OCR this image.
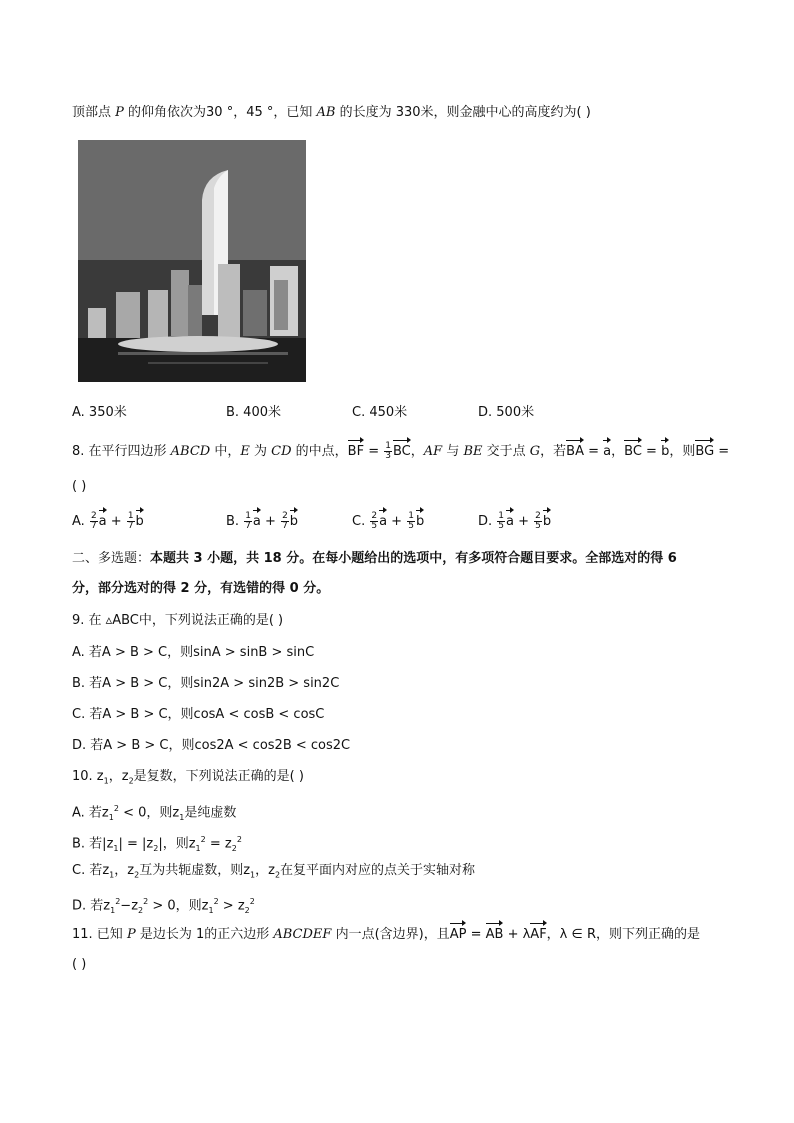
顶部点 P 的仰角依次为30 °，45 °，已知 AB 的长度为 330米，则金融中心的高度约为( )
A. 350米	B. 400米	C. 450米	D. 500米
8. 在平行四边形 ABCD 中，E 为 CD 的中点，BF = $\frac{1}{3}$ BC，AF 与 BE 交于点 G，若BA = a，BC = b，则BG =
( )
A. $\frac{2}{7}$ $a + \frac{1}{7}$ b	B. $\frac{1}{7}$ $a + \frac{2}{7}$ b	C. $\frac{2}{5}$ $a + \frac{1}{5}$ b	D. $\frac{1}{5}$ $a + \frac{2}{5}$ b
二、多选题：本题共 3 小题，共 18 分。在每小题给出的选项中，有多项符合题目要求。全部选对的得 6
分，部分选对的得 2 分，有选错的得 0 分。
9. 在 ▵ABC中，下列说法正确的是( )
A. 若A > B > C，则sinA > sinB > sinC
B. 若A > B > C，则sin2A > sin2B > sin2C
C. 若A > B > C，则cosA < cosB < cosC
D. 若A > B > C，则cos2A < cos2B < cos2C
10. $z_1$，$z_2$是复数，下列说法正确的是( )
A. 若$z_1^2 < 0$，则$z_1$是纯虚数
B. 若$|z_1| = |z_2|$，则$z_1^2 = z_2^2$
C. 若$z_1$，$z_2$互为共轭虚数，则$z_1$，$z_2$在复平面内对应的点关于实轴对称
D. 若$z_1^2-z_2^2 > 0$，则$z_1^2 > z_2^2$
11. 已知 P 是边长为 1的正六边形 ABCDEF 内一点(含边界)，且AP = AB + λAF，λ ∈ R，则下列正确的是
( )
